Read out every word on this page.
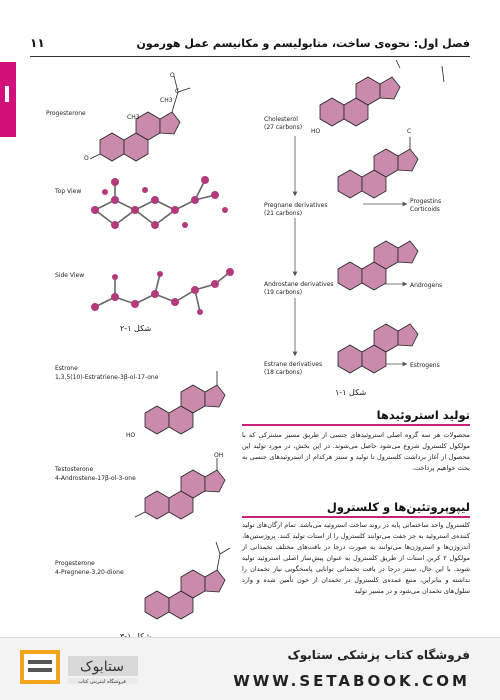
فصل اول: نحوه‌ی ساخت، متابولیسم و مکانیسم عمل هورمون
۱۱
Progesterone
CH3
CH3
C
O
O
Top View
Side View
شکل ۱-۲
Estrone
1,3,5(10)-Estratriene-3β-ol-17-one
HO
Testosterone
4-Androstene-17β-ol-3-one
OH
Progesterone
4-Pregnene-3,20-dione
Cholesterol
(27 carbons)
HO
Pregnane derivatives
(21 carbons)
Progestins
Corticoids
C
Androstane derivatives
(19 carbons)
Androgens
Estrane derivatives
(18 carbons)
Estrogens
شکل ۱-۱
تولید استروئیدها
محصولات هر سه گروه اصلی استروئیدهای جنسی از طریق مسیر مشترکی که با مولکول کلسترول شروع می‌شود حاصل می‌شوند. در این بخش، در مورد تولید این محصول از آغاز برداشت کلسترول تا تولید و سنتز هرکدام از استروئیدهای جنسی به بحث خواهیم پرداخت.
لیپوپروتئین‌ها و کلسترول
کلسترول واحد ساختمانی پایه در روند ساخت استروئید می‌باشد. تمام ارگان‌های تولید کننده‌ی استروئید به جز جفت می‌توانند کلسترول را از استات تولید کنند. پروژستین‌ها، آندروژن‌ها و استروژن‌ها می‌توانند به صورت درجا در بافت‌های مختلف تخمدانی از مولکول ۲ کربن استات از طریق کلسترول به عنوان پیش‌ساز اصلی استروئید تولید شوند. با این حال، سنتز درجا در بافت تخمدانی توانایی پاسخگویی نیاز تخمدان را نداشته و بنابراین، منبع عمده‌ی کلسترول در تخمدان از خون تأمین شده و وارد سلول‌های تخمدان می‌شود و در مسیر تولید
ستابوک
فروشگاه اینترنتی کتاب
فروشگاه کتاب پزشکی ستابوک
WWW.SETABOOK.COM
